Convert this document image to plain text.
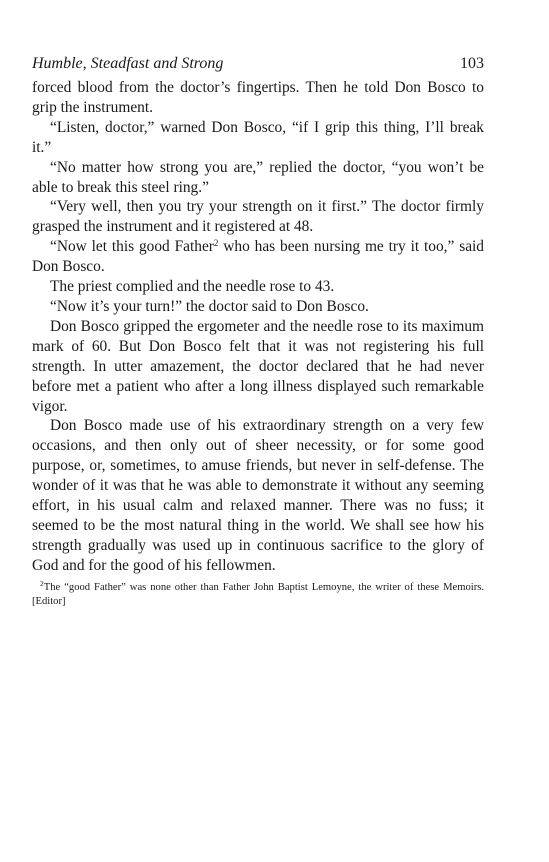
Humble, Steadfast and Strong	103

forced blood from the doctor’s fingertips. Then he told Don Bosco to grip the instrument.

“Listen, doctor,” warned Don Bosco, “if I grip this thing, I’ll break it.”

“No matter how strong you are,” replied the doctor, “you won’t be able to break this steel ring.”

“Very well, then you try your strength on it first.” The doctor firmly grasped the instrument and it registered at 48.

“Now let this good Father$^2$ who has been nursing me try it too,” said Don Bosco.

The priest complied and the needle rose to 43.

“Now it’s your turn!” the doctor said to Don Bosco.

Don Bosco gripped the ergometer and the needle rose to its maximum mark of 60. But Don Bosco felt that it was not registering his full strength. In utter amazement, the doctor declared that he had never before met a patient who after a long illness displayed such remarkable vigor.

Don Bosco made use of his extraordinary strength on a very few occasions, and then only out of sheer necessity, or for some good purpose, or, sometimes, to amuse friends, but never in self-defense. The wonder of it was that he was able to demonstrate it without any seeming effort, in his usual calm and relaxed manner. There was no fuss; it seemed to be the most natural thing in the world. We shall see how his strength gradually was used up in continuous sacrifice to the glory of God and for the good of his fellowmen.

$^2$The “good Father” was none other than Father John Baptist Lemoyne, the writer of these Memoirs. [Editor]
